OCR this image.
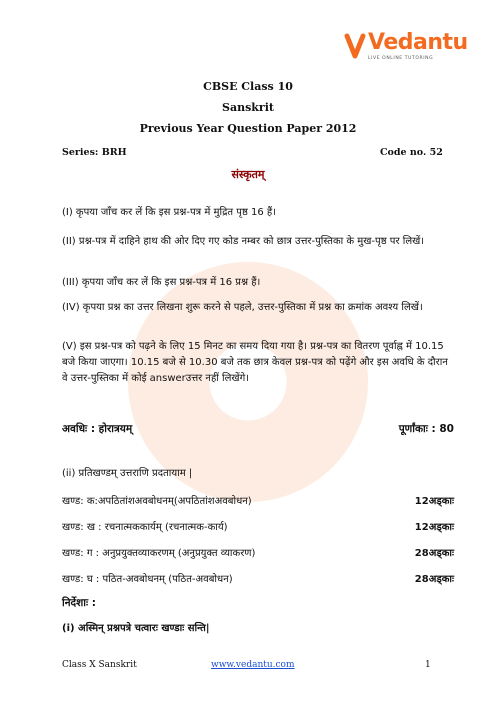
Vedantu
LIVE ONLINE TUTORING
CBSE Class 10
Sanskrit
Previous Year Question Paper 2012
Series: BRH	Code no. 52
संस्कृतम्
(I) कृपया जाँच कर लें कि इस प्रश्न-पत्र में मुद्रित पृष्ठ 16 हैं।
(II) प्रश्न-पत्र में दाहिने हाथ की ओर दिए गए कोड नम्बर को छात्र उत्तर-पुस्तिका के मुख-पृष्ठ पर लिखें।
(III) कृपया जाँच कर लें कि इस प्रश्न-पत्र में 16 प्रश्न हैं।
(IV) कृपया प्रश्न का उत्तर लिखना शुरू करने से पहले, उत्तर-पुस्तिका में प्रश्न का क्रमांक अवश्य लिखें।
(V) इस प्रश्न-पत्र को पढ़ने के लिए 15 मिनट का समय दिया गया है। प्रश्न-पत्र का वितरण पूर्वाह्न में 10.15 बजे किया जाएगा। 10.15 बजे से 10.30 बजे तक छात्र केवल प्रश्न-पत्र को पढ़ेंगे और इस अवधि के दौरान वे उत्तर-पुस्तिका में कोई answerउत्तर नहीं लिखेंगे।
अवधिः : होरात्रयम्	पूर्णांकाः : 80
(ii) प्रतिखण्डम् उत्तराणि प्रदतायाम |
खण्ड: क:अपठितांशअवबोधनम्(अपठितांशअवबोधन)	12अड्काः
खण्ड: ख : रचनात्मककार्यम् (रचनात्मक-कार्य)	12अड्काः
खण्ड: ग : अनुप्रयुक्तव्याकरणम् (अनुप्रयुक्त व्याकरण)	28अड्काः
खण्ड: घ : पठित-अवबोधनम् (पठित-अवबोधन)	28अड्काः
निर्देशाः :
(i) अस्मिन् प्रश्नपत्रे चत्वारः खण्डाः सन्ति|
Class X Sanskrit	www.vedantu.com	1
